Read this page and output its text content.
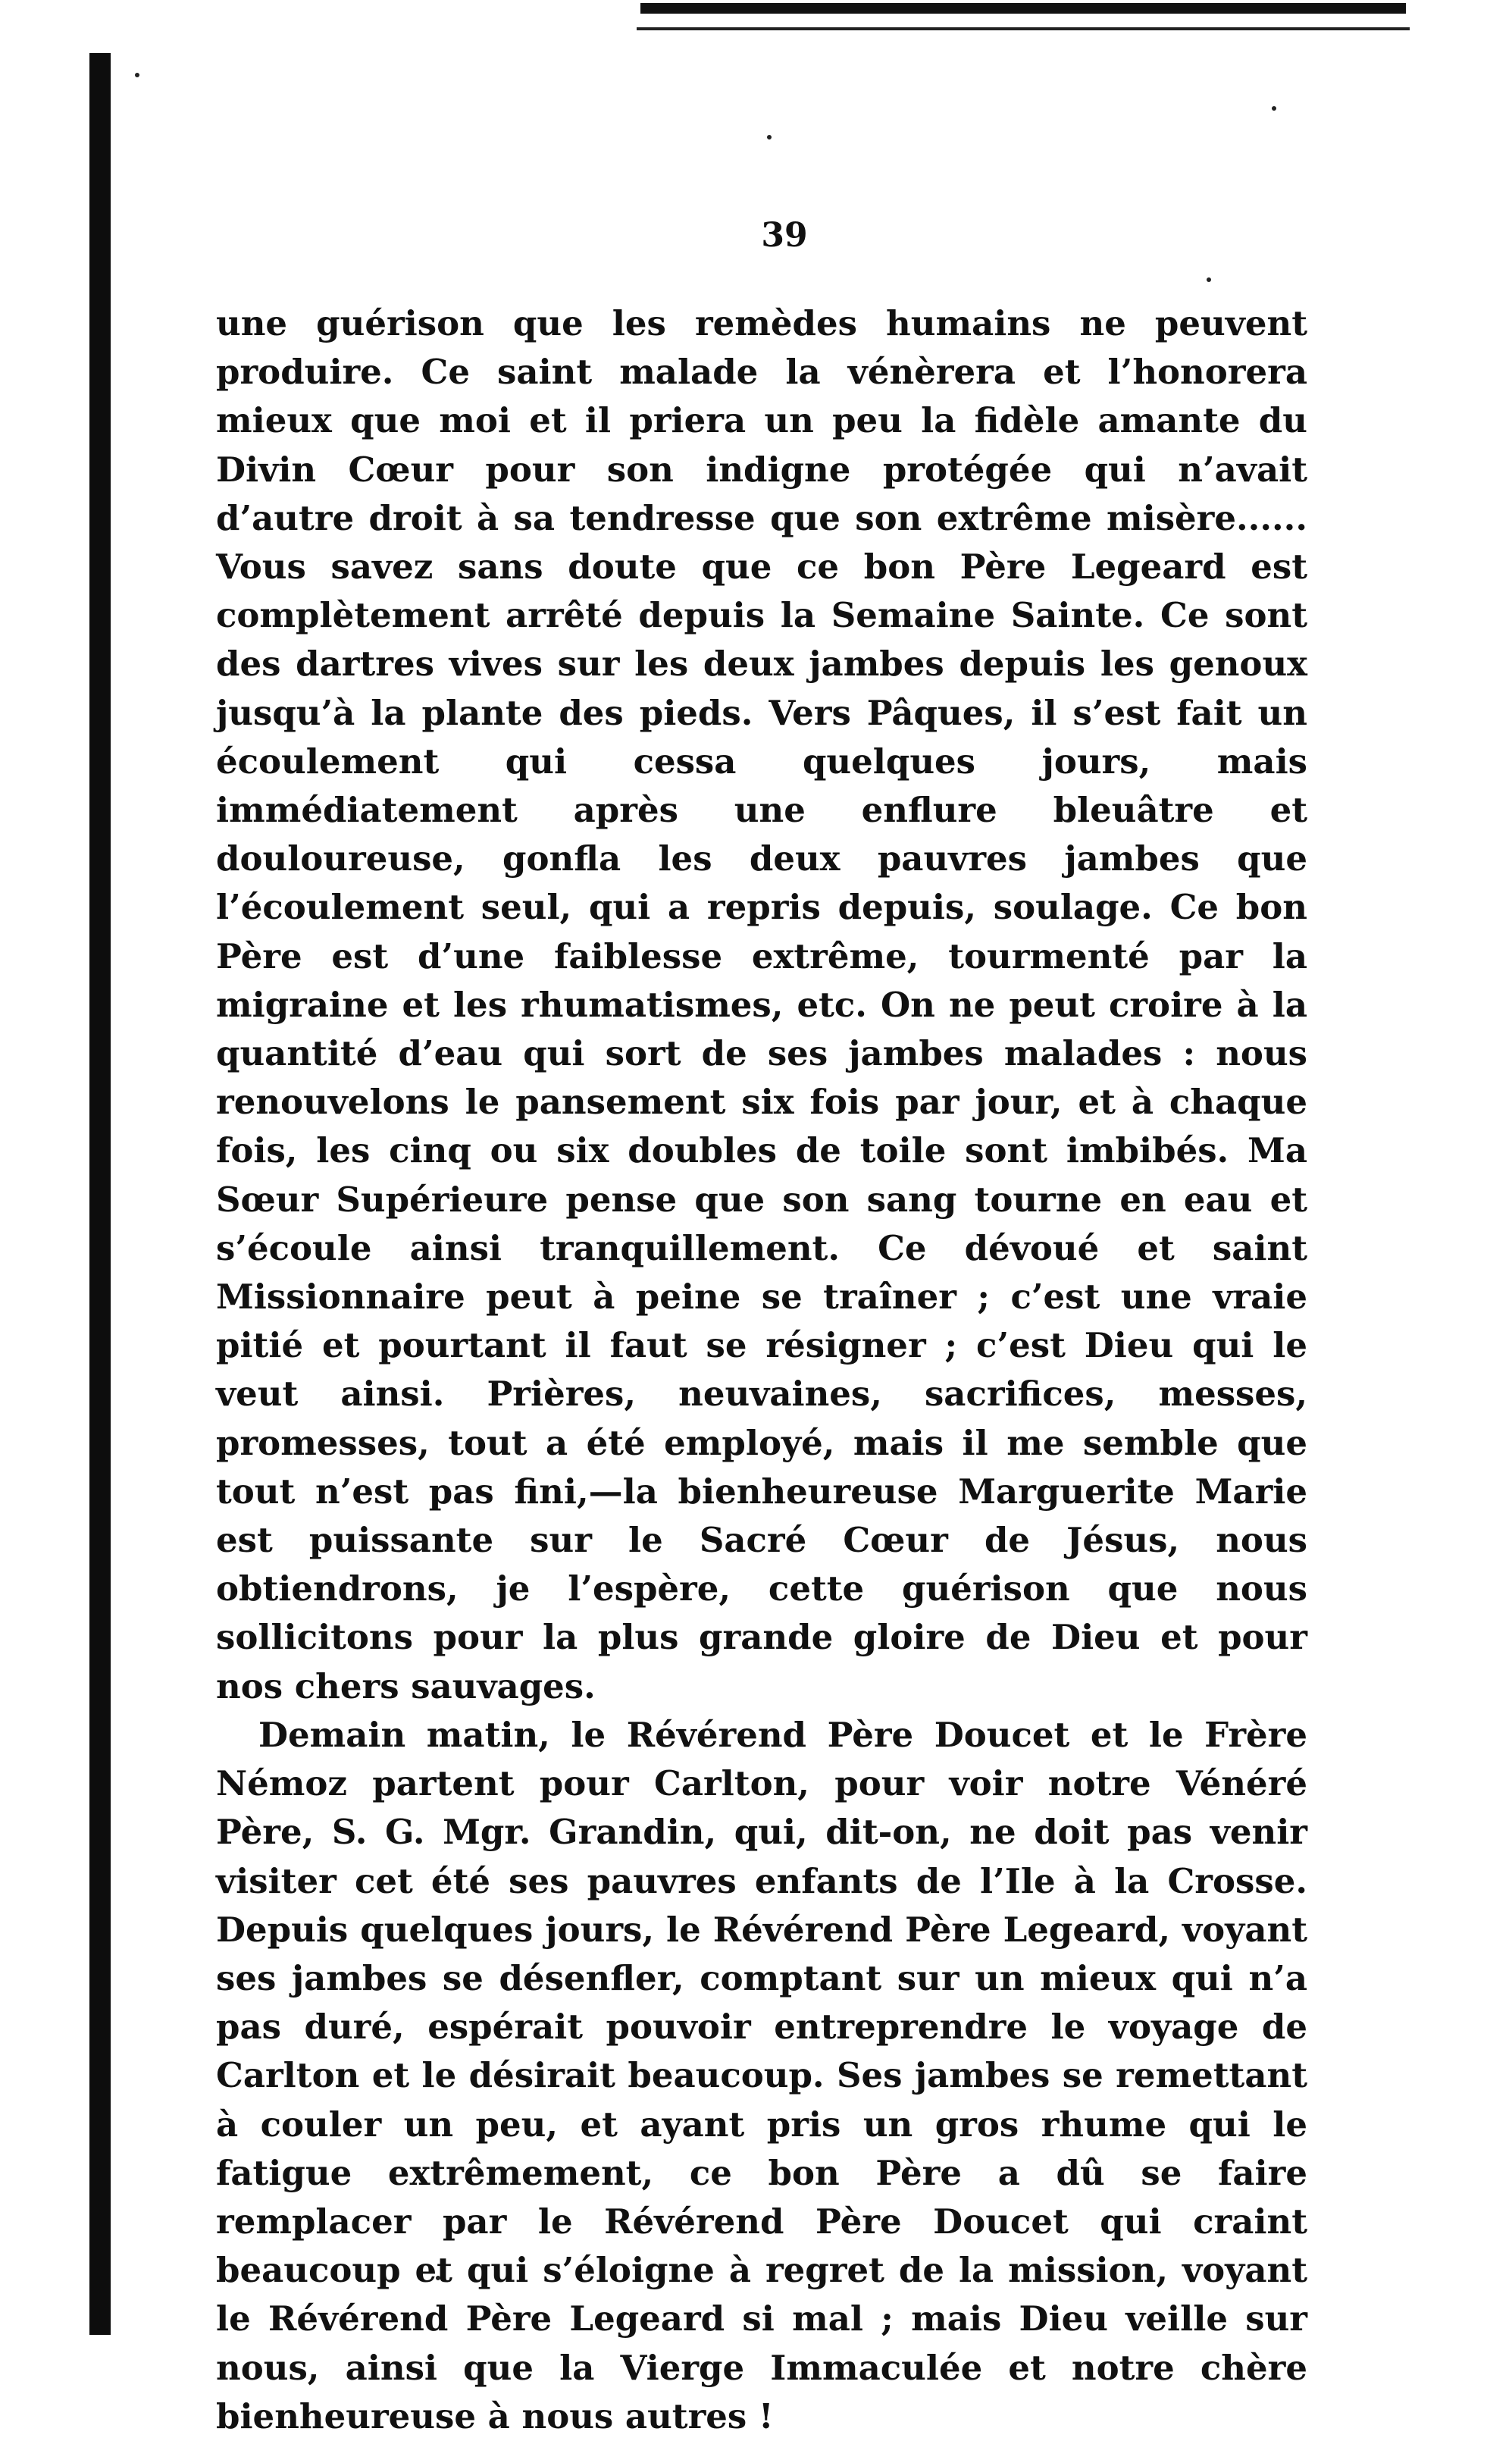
39

une guérison que les remèdes humains ne peuvent produire. Ce saint malade la vénèrera et l’honorera mieux que moi et il priera un peu la fidèle amante du Divin Cœur pour son indigne protégée qui n’avait d’autre droit à sa tendresse que son extrême misère...... Vous savez sans doute que ce bon Père Legeard est complètement arrêté depuis la Semaine Sainte. Ce sont des dartres vives sur les deux jambes depuis les genoux jusqu’à la plante des pieds. Vers Pâques, il s’est fait un écoulement qui cessa quelques jours, mais immédiatement après une enflure bleuâtre et douloureuse, gonfla les deux pauvres jambes que l’écoulement seul, qui a repris depuis, soulage. Ce bon Père est d’une faiblesse extrême, tourmenté par la migraine et les rhumatismes, etc. On ne peut croire à la quantité d’eau qui sort de ses jambes malades : nous renouvelons le pansement six fois par jour, et à chaque fois, les cinq ou six doubles de toile sont imbibés. Ma Sœur Supérieure pense que son sang tourne en eau et s’écoule ainsi tranquillement. Ce dévoué et saint Missionnaire peut à peine se traîner ; c’est une vraie pitié et pourtant il faut se résigner ; c’est Dieu qui le veut ainsi. Prières, neuvaines, sacrifices, messes, promesses, tout a été employé, mais il me semble que tout n’est pas fini,—la bienheureuse Marguerite Marie est puissante sur le Sacré Cœur de Jésus, nous obtiendrons, je l’espère, cette guérison que nous sollicitons pour la plus grande gloire de Dieu et pour nos chers sauvages.

Demain matin, le Révérend Père Doucet et le Frère Némoz partent pour Carlton, pour voir notre Vénéré Père, S. G. Mgr. Grandin, qui, dit-on, ne doit pas venir visiter cet été ses pauvres enfants de l’Ile à la Crosse. Depuis quelques jours, le Révérend Père Legeard, voyant ses jambes se désenfler, comptant sur un mieux qui n’a pas duré, espérait pouvoir entreprendre le voyage de Carlton et le désirait beaucoup. Ses jambes se remettant à couler un peu, et ayant pris un gros rhume qui le fatigue extrêmement, ce bon Père a dû se faire remplacer par le Révérend Père Doucet qui craint beaucoup et qui s’éloigne à regret de la mission, voyant le Révérend Père Legeard si mal ; mais Dieu veille sur nous, ainsi que la Vierge Immaculée et notre chère bienheureuse à nous autres !
